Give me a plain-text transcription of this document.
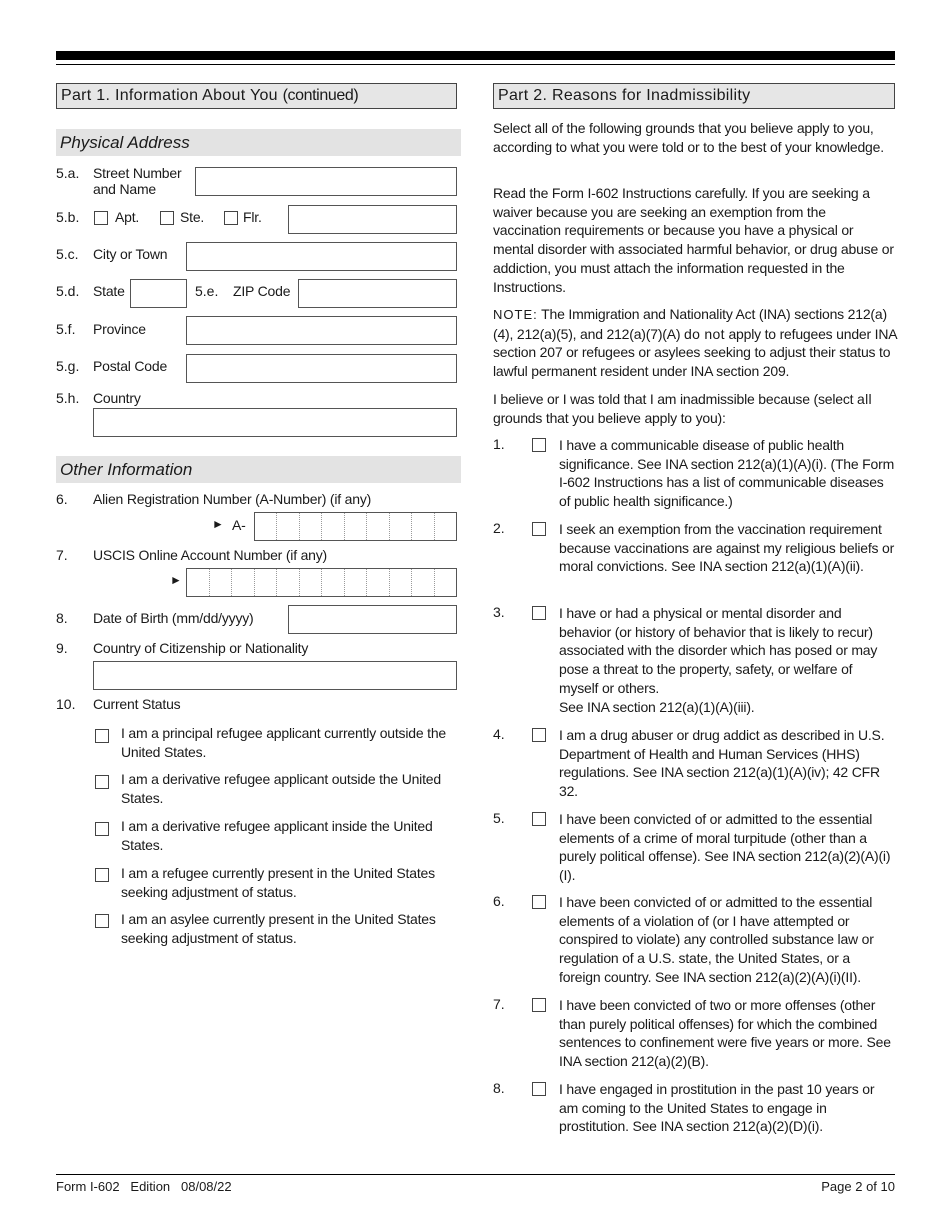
Part 1. Information About You (continued)
Physical Address
5.a. Street Number and Name
5.b.	Apt.	Ste.	Flr.
5.c. City or Town
5.d. State	5.e. ZIP Code
5.f. Province
5.g. Postal Code
5.h. Country
Other Information
6. Alien Registration Number (A-Number) (if any)
► A-
7. USCIS Online Account Number (if any)
►
8. Date of Birth (mm/dd/yyyy)
9. Country of Citizenship or Nationality
10. Current Status
I am a principal refugee applicant currently outside the United States.
I am a derivative refugee applicant outside the United States.
I am a derivative refugee applicant inside the United States.
I am a refugee currently present in the United States seeking adjustment of status.
I am an asylee currently present in the United States seeking adjustment of status.
Part 2. Reasons for Inadmissibility
Select all of the following grounds that you believe apply to you, according to what you were told or to the best of your knowledge.
Read the Form I-602 Instructions carefully. If you are seeking a waiver because you are seeking an exemption from the vaccination requirements or because you have a physical or mental disorder with associated harmful behavior, or drug abuse or addiction, you must attach the information requested in the Instructions.
NOTE: The Immigration and Nationality Act (INA) sections 212(a)(4), 212(a)(5), and 212(a)(7)(A) do not apply to refugees under INA section 207 or refugees or asylees seeking to adjust their status to lawful permanent resident under INA section 209.
I believe or I was told that I am inadmissible because (select all grounds that you believe apply to you):
1.	I have a communicable disease of public health significance. See INA section 212(a)(1)(A)(i). (The Form I-602 Instructions has a list of communicable diseases of public health significance.)
2.	I seek an exemption from the vaccination requirement because vaccinations are against my religious beliefs or moral convictions. See INA section 212(a)(1)(A)(ii).
3.	I have or had a physical or mental disorder and behavior (or history of behavior that is likely to recur) associated with the disorder which has posed or may pose a threat to the property, safety, or welfare of myself or others.
See INA section 212(a)(1)(A)(iii).
4.	I am a drug abuser or drug addict as described in U.S. Department of Health and Human Services (HHS) regulations. See INA section 212(a)(1)(A)(iv); 42 CFR 32.
5.	I have been convicted of or admitted to the essential elements of a crime of moral turpitude (other than a purely political offense). See INA section 212(a)(2)(A)(i)(I).
6.	I have been convicted of or admitted to the essential elements of a violation of (or I have attempted or conspired to violate) any controlled substance law or regulation of a U.S. state, the United States, or a foreign country. See INA section 212(a)(2)(A)(i)(II).
7.	I have been convicted of two or more offenses (other than purely political offenses) for which the combined sentences to confinement were five years or more. See INA section 212(a)(2)(B).
8.	I have engaged in prostitution in the past 10 years or am coming to the United States to engage in prostitution. See INA section 212(a)(2)(D)(i).
Form I-602   Edition   08/08/22	Page 2 of 10
